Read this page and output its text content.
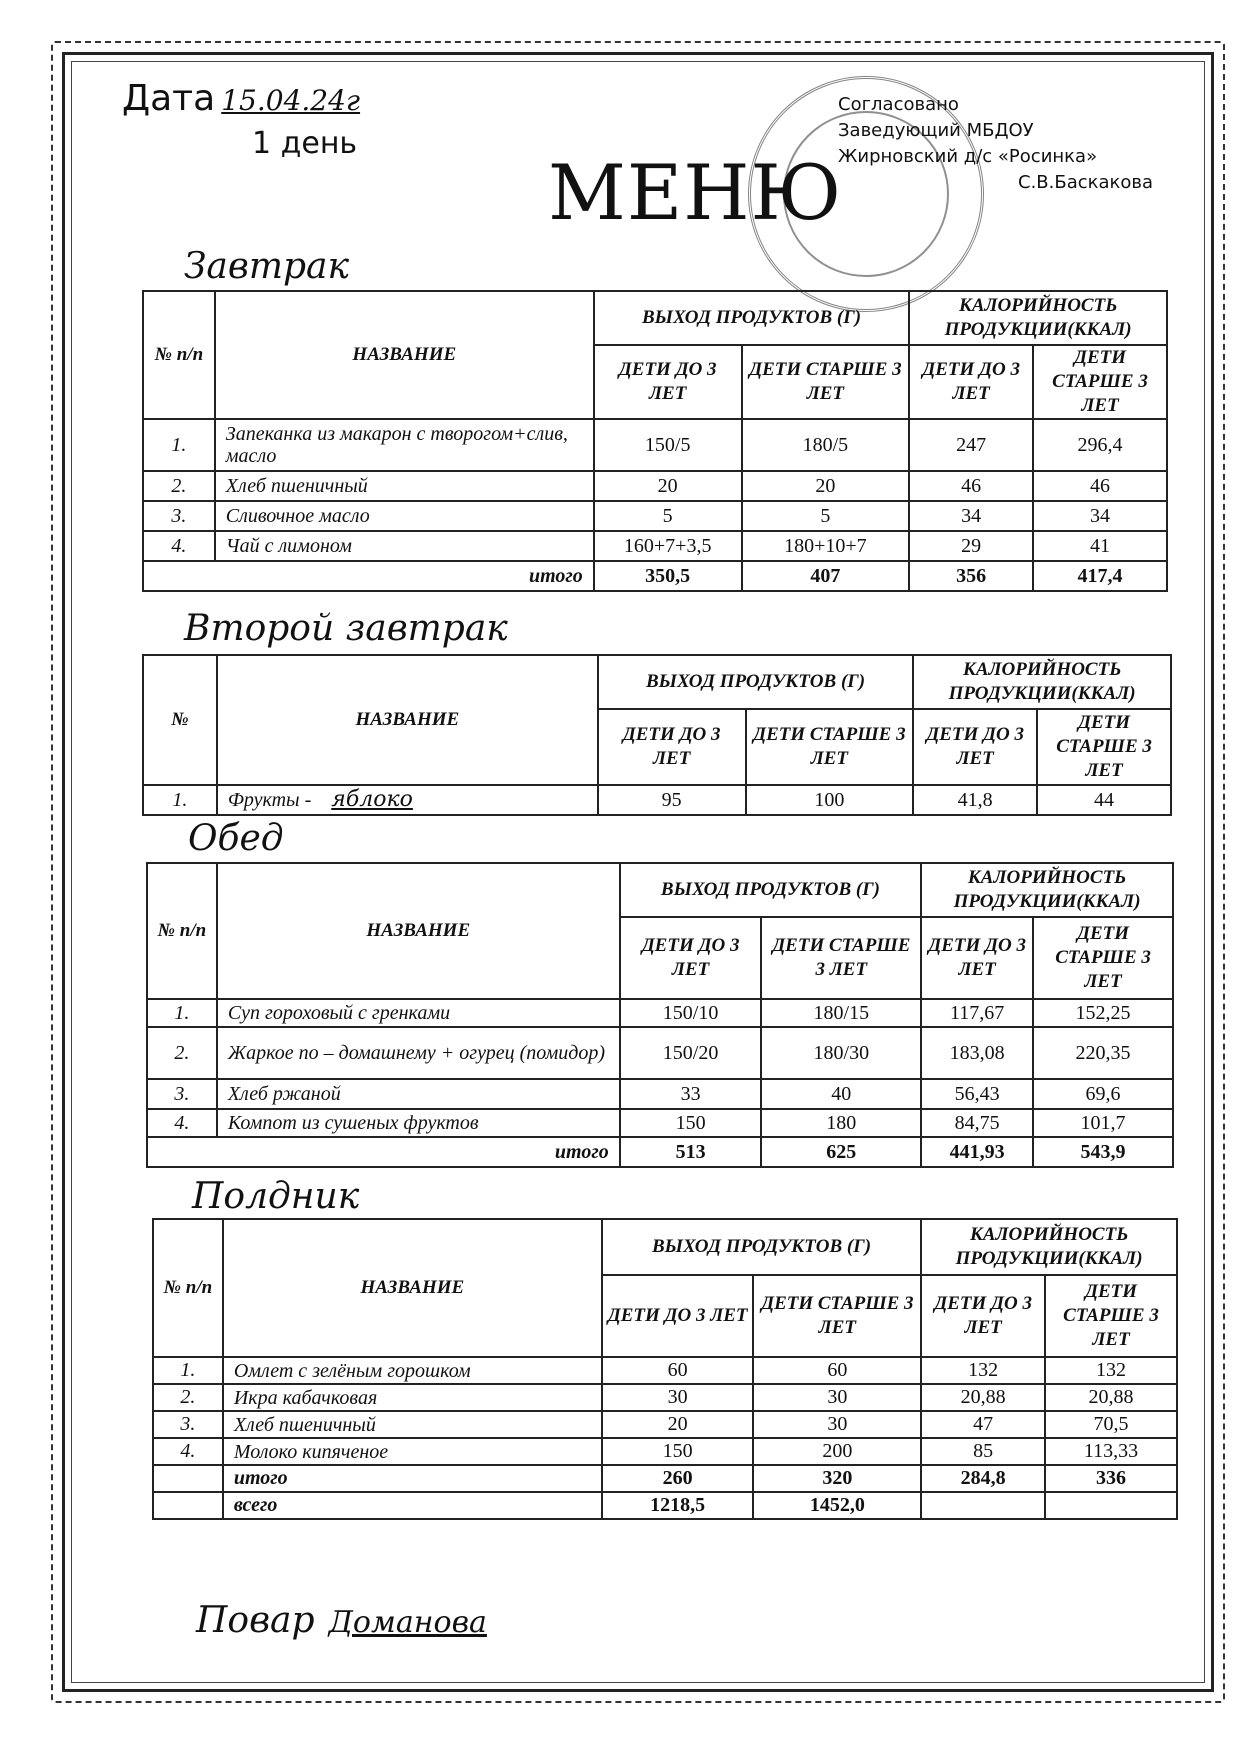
Дата 15.04.24г
1 день
МЕНЮ
Согласовано
Заведующий МБДОУ
Жирновский д/с «Росинка»
С.В.Баскакова
Завтрак
№ п/п	НАЗВАНИЕ	ВЫХОД ПРОДУКТОВ (Г)		КАЛОРИЙНОСТЬ ПРОДУКЦИИ(ККАЛ)	
		ДЕТИ ДО 3 ЛЕТ	ДЕТИ СТАРШЕ 3 ЛЕТ	ДЕТИ ДО 3 ЛЕТ	ДЕТИ СТАРШЕ 3 ЛЕТ
1.	Запеканка из макарон с творогом+слив, масло	150/5	180/5	247	296,4
2.	Хлеб пшеничный	20	20	46	46
3.	Сливочное масло	5	5	34	34
4.	Чай с лимоном	160+7+3,5	180+10+7	29	41
итого		350,5	407	356	417,4
Второй завтрак
№	НАЗВАНИЕ	ВЫХОД ПРОДУКТОВ (Г)		КАЛОРИЙНОСТЬ ПРОДУКЦИИ(ККАЛ)	
		ДЕТИ ДО 3 ЛЕТ	ДЕТИ СТАРШЕ 3 ЛЕТ	ДЕТИ ДО 3 ЛЕТ	ДЕТИ СТАРШЕ 3 ЛЕТ
1.	Фрукты - яблоко	95	100	41,8	44
Обед
№ п/п	НАЗВАНИЕ	ВЫХОД ПРОДУКТОВ (Г)		КАЛОРИЙНОСТЬ ПРОДУКЦИИ(ККАЛ)	
		ДЕТИ ДО 3 ЛЕТ	ДЕТИ СТАРШЕ 3 ЛЕТ	ДЕТИ ДО 3 ЛЕТ	ДЕТИ СТАРШЕ 3 ЛЕТ
1.	Суп гороховый с гренками	150/10	180/15	117,67	152,25
2.	Жаркое по – домашнему + огурец (помидор)	150/20	180/30	183,08	220,35
3.	Хлеб ржаной	33	40	56,43	69,6
4.	Компот из сушеных фруктов	150	180	84,75	101,7
итого		513	625	441,93	543,9
Полдник
№ п/п	НАЗВАНИЕ	ВЫХОД ПРОДУКТОВ (Г)		КАЛОРИЙНОСТЬ ПРОДУКЦИИ(ККАЛ)	
		ДЕТИ ДО 3 ЛЕТ	ДЕТИ СТАРШЕ 3 ЛЕТ	ДЕТИ ДО 3 ЛЕТ	ДЕТИ СТАРШЕ 3 ЛЕТ
1.	Омлет с зелёным горошком	60	60	132	132
2.	Икра кабачковая	30	30	20,88	20,88
3.	Хлеб пшеничный	20	30	47	70,5
4.	Молоко кипяченое	150	200	85	113,33
	итого	260	320	284,8	336
	всего	1218,5	1452,0		
Повар Доманова
